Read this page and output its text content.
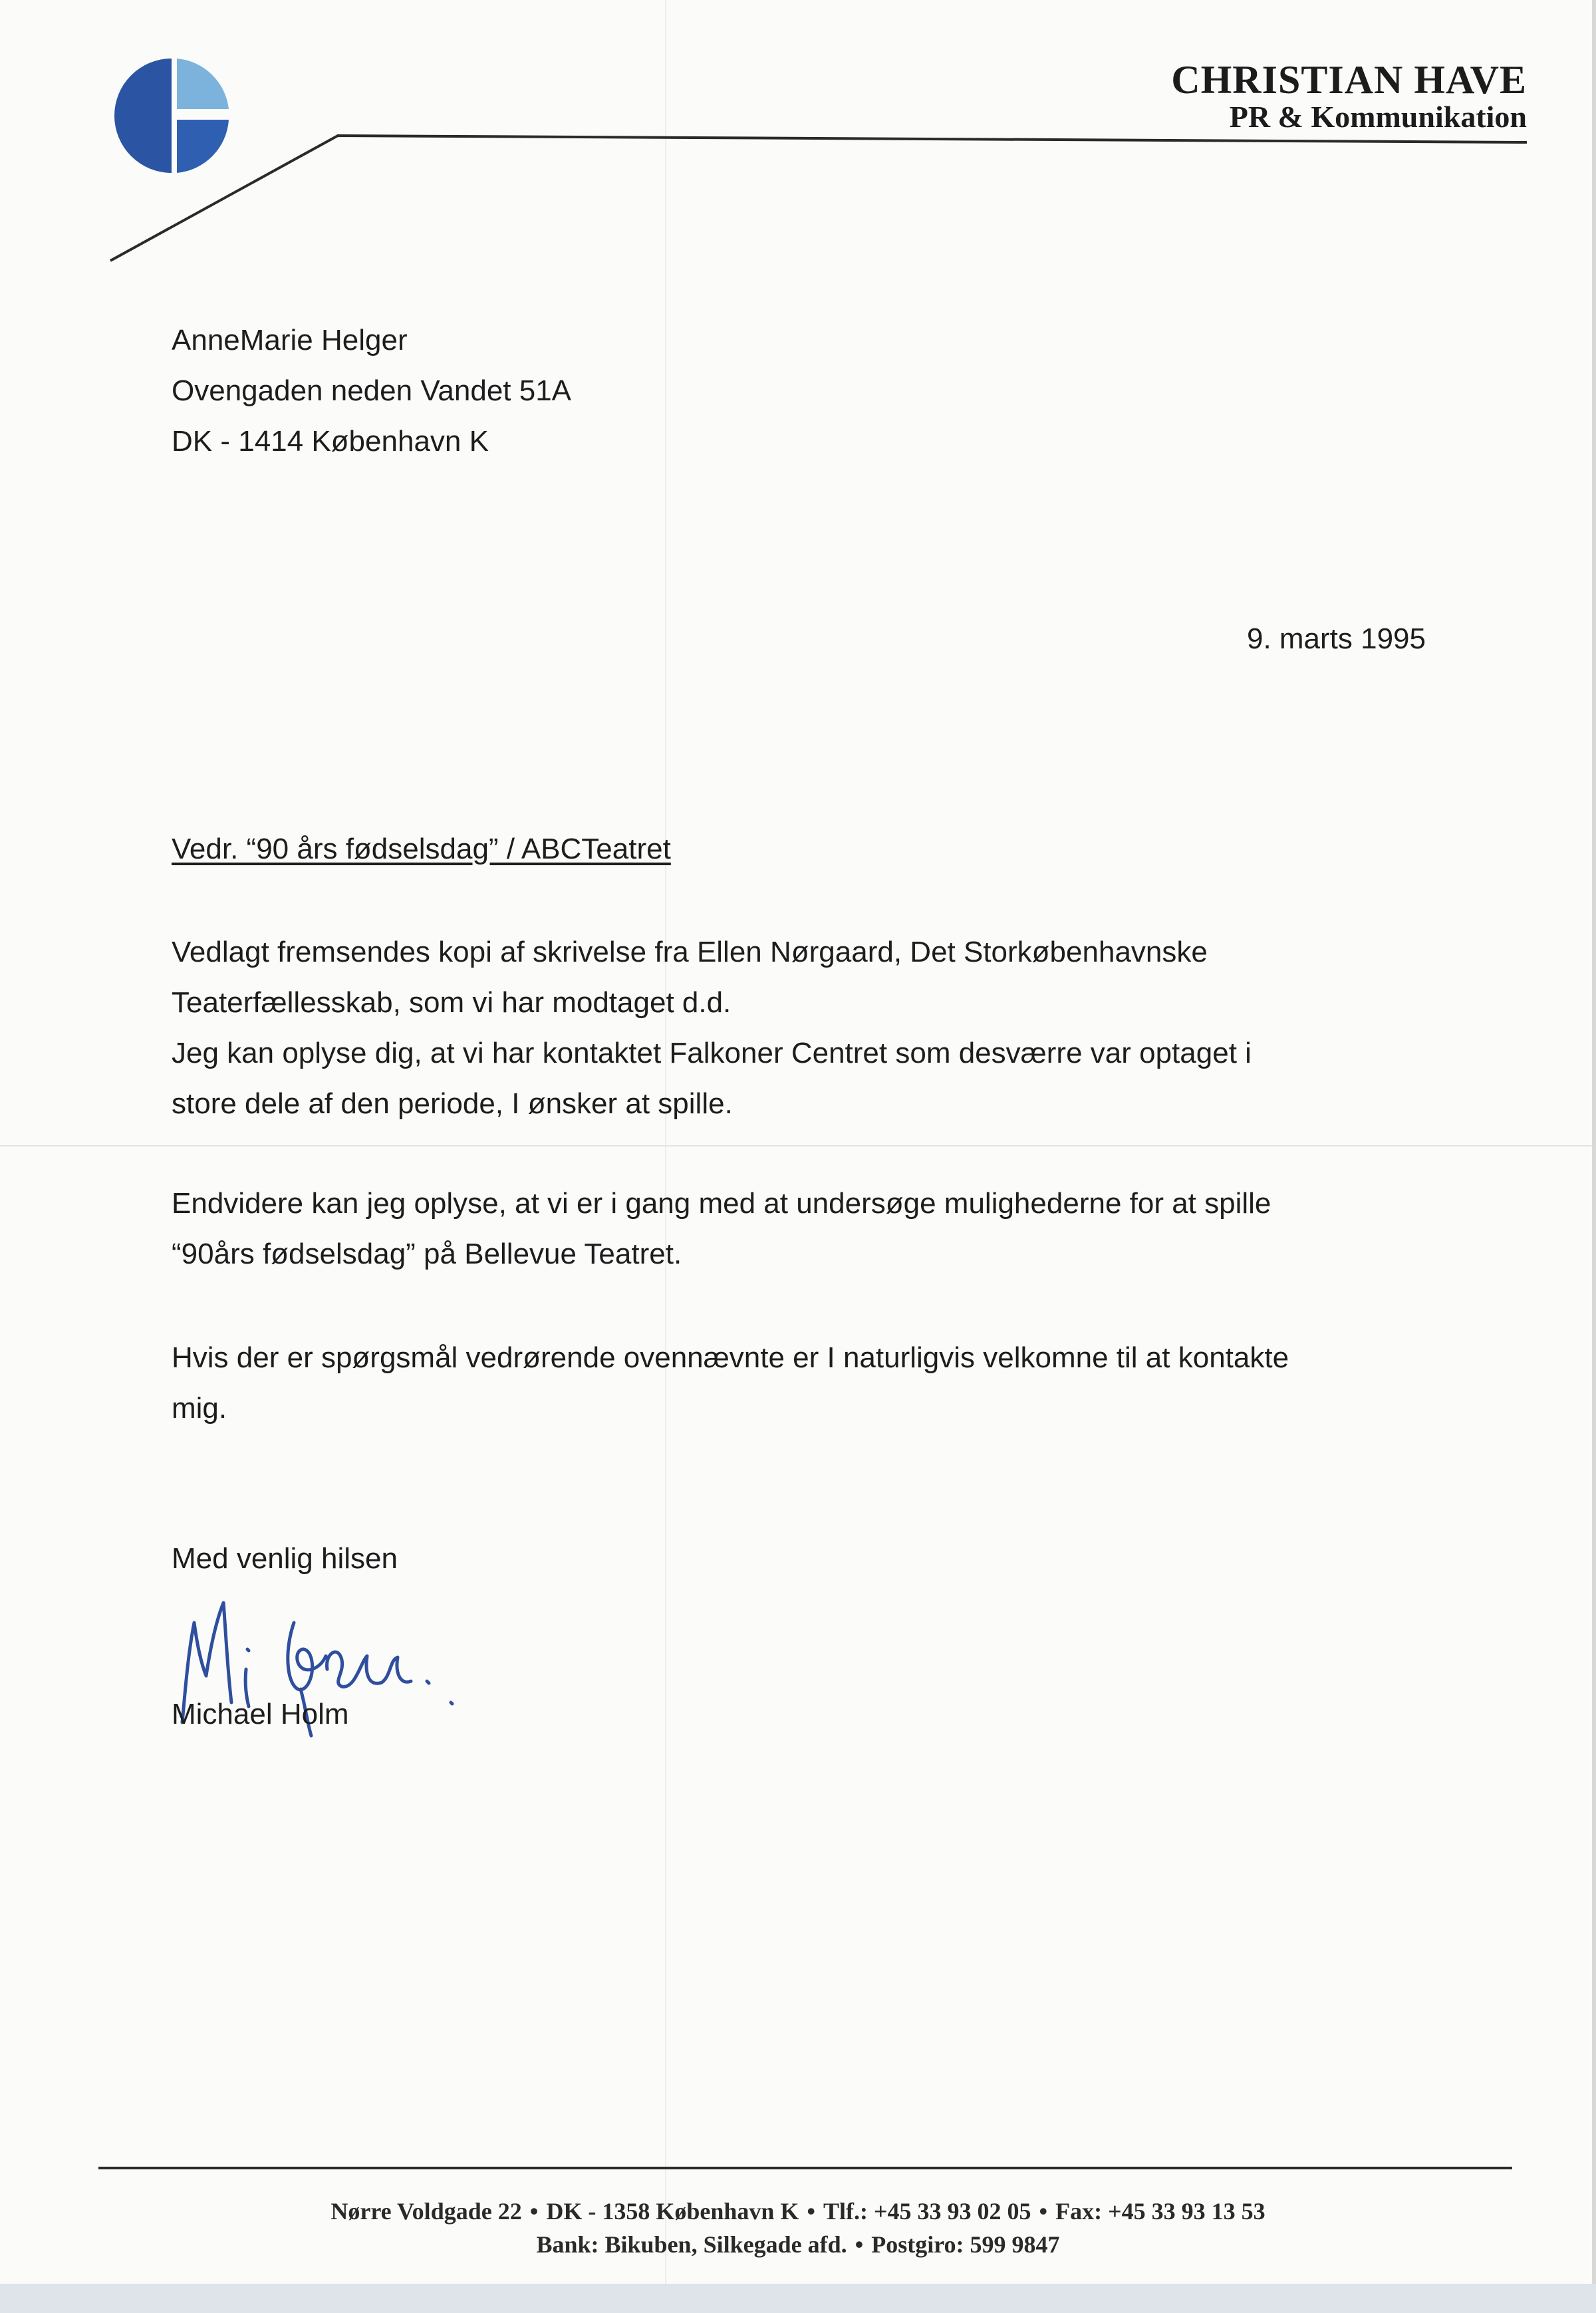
CHRISTIAN HAVE
PR & Kommunikation
AnneMarie Helger
Ovengaden neden Vandet 51A
DK - 1414 København K
9. marts 1995
Vedr. “90 års fødselsdag” / ABCTeatret
Vedlagt fremsendes kopi af skrivelse fra Ellen Nørgaard, Det Storkøbenhavnske
Teaterfællesskab, som vi har modtaget d.d.
Jeg kan oplyse dig, at vi har kontaktet Falkoner Centret som desværre var optaget i
store dele af den periode, I ønsker at spille.
Endvidere kan jeg oplyse, at vi er i gang med at undersøge mulighederne for at spille
“90års fødselsdag” på Bellevue Teatret.
Hvis der er spørgsmål vedrørende ovennævnte er I naturligvis velkomne til at kontakte
mig.
Med venlig hilsen
Michael Holm
Nørre Voldgade 22 • DK - 1358 København K • Tlf.: +45 33 93 02 05 • Fax: +45 33 93 13 53
Bank: Bikuben, Silkegade afd. • Postgiro: 599 9847
